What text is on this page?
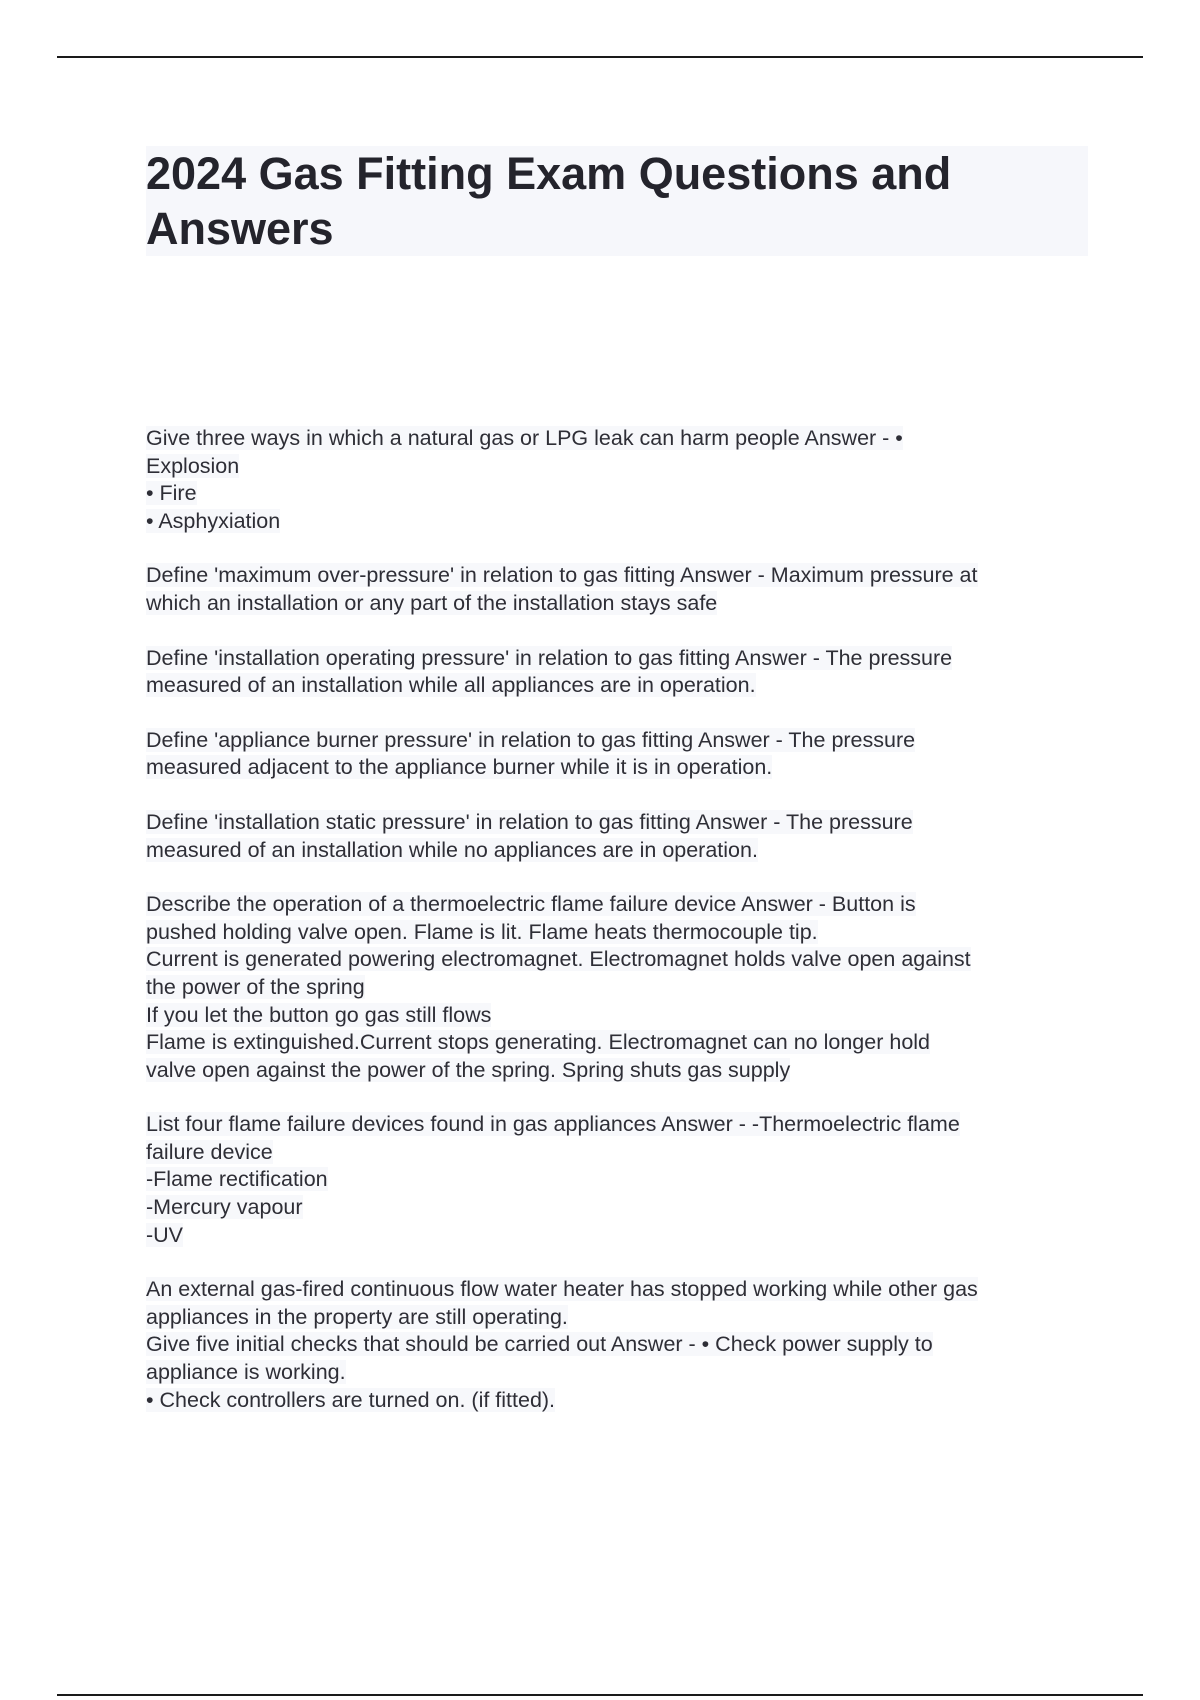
2024 Gas Fitting Exam Questions and
Answers

Give three ways in which a natural gas or LPG leak can harm people Answer - •
Explosion
• Fire
• Asphyxiation

Define 'maximum over-pressure' in relation to gas fitting Answer - Maximum pressure at
which an installation or any part of the installation stays safe

Define 'installation operating pressure' in relation to gas fitting Answer - The pressure
measured of an installation while all appliances are in operation.

Define 'appliance burner pressure' in relation to gas fitting Answer - The pressure
measured adjacent to the appliance burner while it is in operation.

Define 'installation static pressure' in relation to gas fitting Answer - The pressure
measured of an installation while no appliances are in operation.

Describe the operation of a thermoelectric flame failure device Answer - Button is
pushed holding valve open. Flame is lit. Flame heats thermocouple tip.
Current is generated powering electromagnet. Electromagnet holds valve open against
the power of the spring
If you let the button go gas still flows
Flame is extinguished.Current stops generating. Electromagnet can no longer hold
valve open against the power of the spring. Spring shuts gas supply

List four flame failure devices found in gas appliances Answer - -Thermoelectric flame
failure device
-Flame rectification
-Mercury vapour
-UV

An external gas-fired continuous flow water heater has stopped working while other gas
appliances in the property are still operating.
Give five initial checks that should be carried out Answer - • Check power supply to
appliance is working.
• Check controllers are turned on. (if fitted).
